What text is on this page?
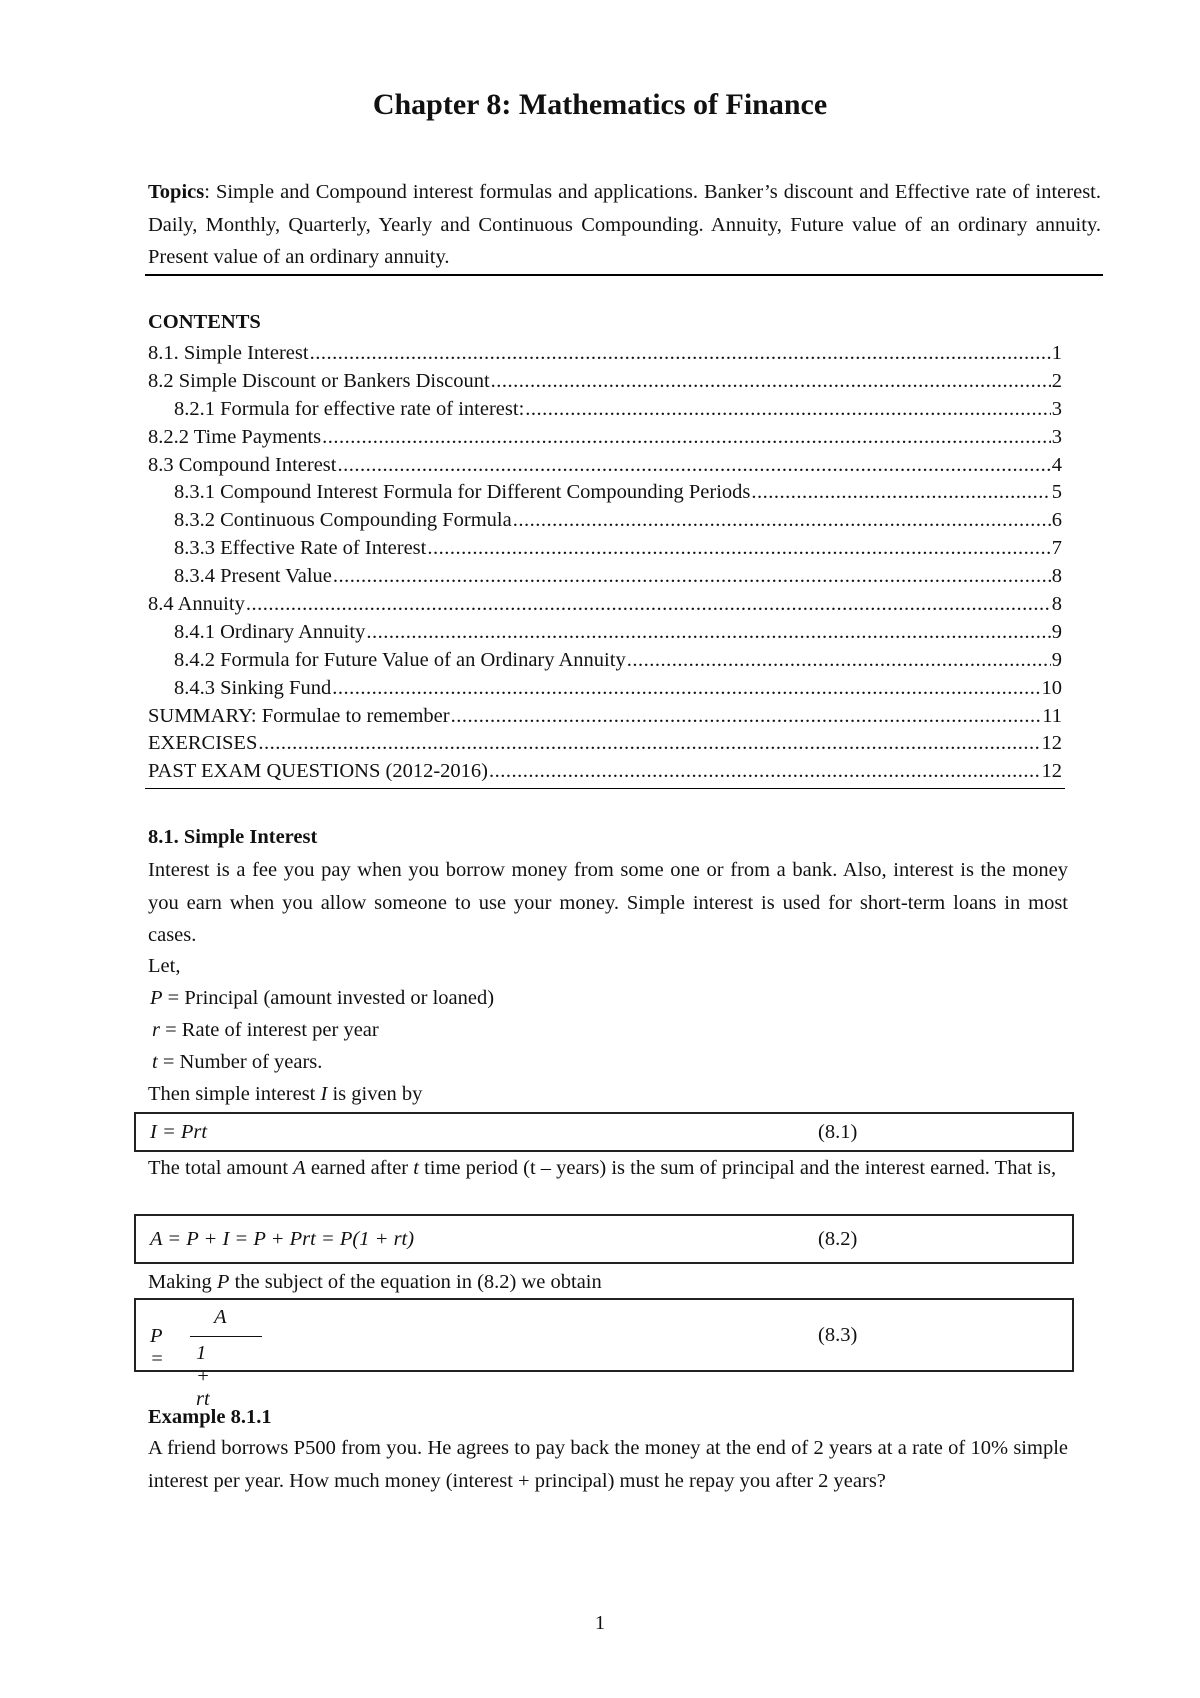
Chapter 8: Mathematics of Finance
Topics: Simple and Compound interest formulas and applications. Banker’s discount and Effective rate of interest. Daily, Monthly, Quarterly, Yearly and Continuous Compounding. Annuity, Future value of an ordinary annuity. Present value of an ordinary annuity.
CONTENTS
8.1. Simple Interest .....	1
8.2 Simple Discount or Bankers Discount .....	2
8.2.1 Formula for effective rate of interest: .....	3
8.2.2 Time Payments .....	3
8.3 Compound Interest .....	4
8.3.1 Compound Interest Formula for Different Compounding Periods .....	5
8.3.2 Continuous Compounding Formula .....	6
8.3.3 Effective Rate of Interest .....	7
8.3.4 Present Value .....	8
8.4 Annuity .....	8
8.4.1 Ordinary Annuity .....	9
8.4.2 Formula for Future Value of an Ordinary Annuity .....	9
8.4.3 Sinking Fund .....	10
SUMMARY: Formulae to remember .....	11
EXERCISES .....	12
PAST EXAM QUESTIONS (2012-2016) .....	12
8.1. Simple Interest
Interest is a fee you pay when you borrow money from some one or from a bank. Also, interest is the money you earn when you allow someone to use your money. Simple interest is used for short-term loans in most cases.
Let,
P = Principal (amount invested or loaned)
r = Rate of interest per year
t = Number of years.
Then simple interest I is given by
I = Prt	(8.1)
The total amount A earned after t time period (t – years) is the sum of principal and the interest earned. That is,
A = P + I = P + Prt = P(1 + rt)	(8.2)
Making P the subject of the equation in (8.2) we obtain
P =
A
1 + rt
(8.3)
Example 8.1.1
A friend borrows P500 from you. He agrees to pay back the money at the end of 2 years at a rate of 10% simple interest per year. How much money (interest + principal) must he repay you after 2 years?
1
